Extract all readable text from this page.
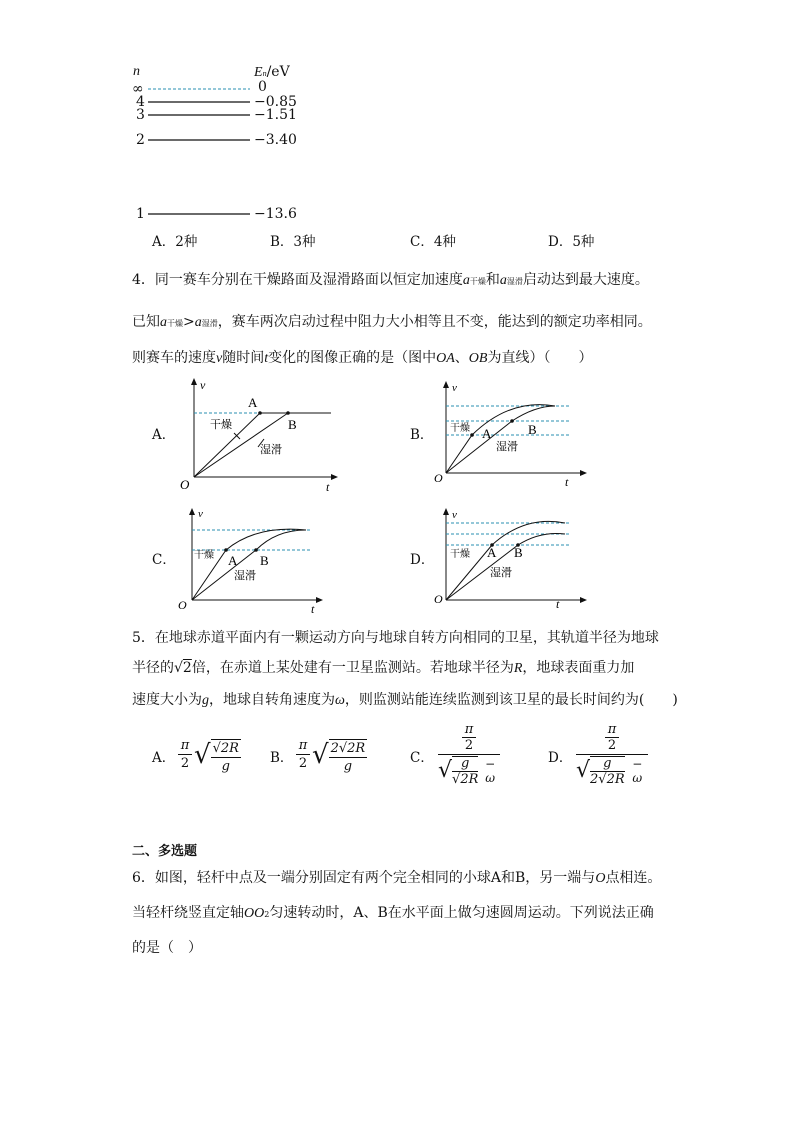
n	En/eV
∞	0
4	−0.85
3	−1.51
2	−3.40
1	−13.6
A．2种	B．3种	C．4种	D．5种
4．同一赛车分别在干燥路面及湿滑路面以恒定加速度a干燥和a湿滑启动达到最大速度。
已知a干燥>a湿滑，赛车两次启动过程中阻力大小相等且不变，能达到的额定功率相同。
则赛车的速度v随时间t变化的图像正确的是（图中OA、OB为直线）（　　）
A．	B．
C．	D．
v
t
O
A
B
干燥
湿滑
v
t
O
A	B
干燥
湿滑
v
t
O
A B
干燥
湿滑
v
t
O
A B
干燥
湿滑
5．在地球赤道平面内有一颗运动方向与地球自转方向相同的卫星，其轨道半径为地球
半径的√2倍，在赤道上某处建有一卫星监测站。若地球半径为R，地球表面重力加
速度大小为g，地球自转角速度为ω，则监测站能连续监测到该卫星的最长时间约为(　　)
A．
π
2 √ √2R
g
B．
π
2 √ 2√2R
g
C．
π
2
√ g
√2R
− ω
D．
π
2
√	g
2√2R
− ω
二、多选题
6．如图，轻杆中点及一端分别固定有两个完全相同的小球A和B，另一端与O点相连。
当轻杆绕竖直定轴OO2匀速转动时，A、B在水平面上做匀速圆周运动。下列说法正确
的是（　）
